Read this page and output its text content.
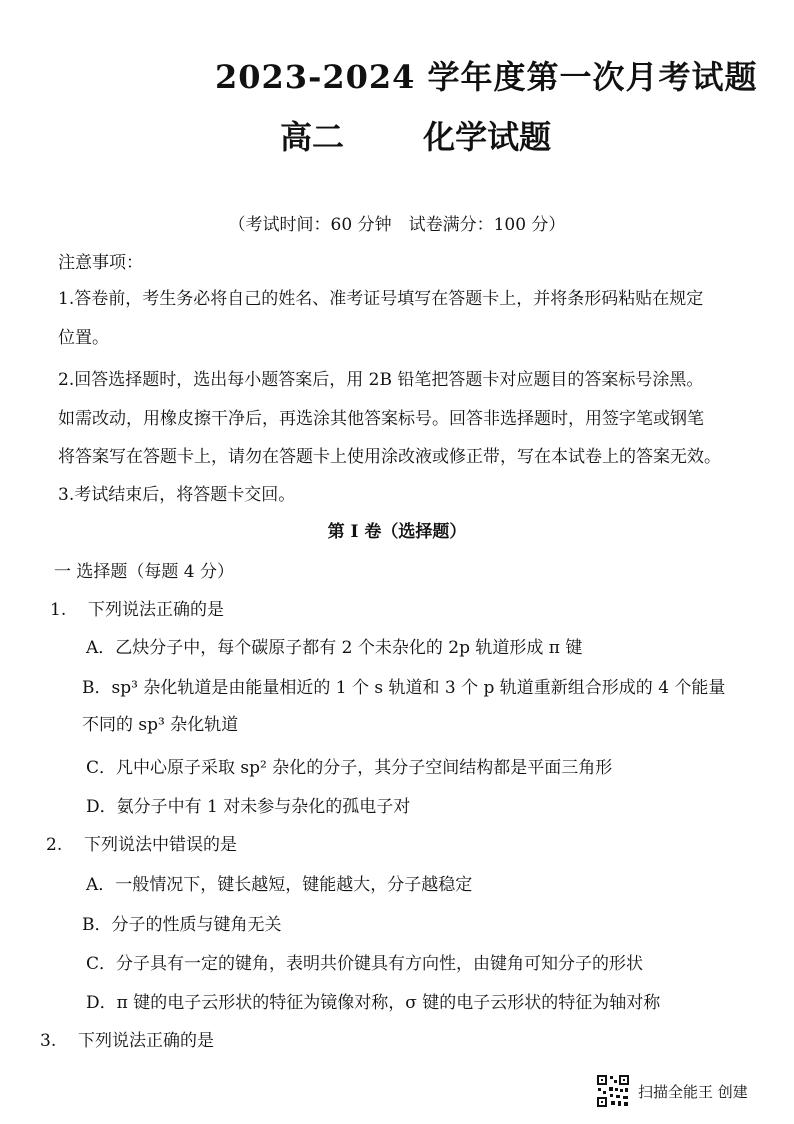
2023-2024 学年度第一次月考试题
高二 化学试题
（考试时间：60 分钟　试卷满分：100 分）
注意事项：
1.答卷前，考生务必将自己的姓名、准考证号填写在答题卡上，并将条形码粘贴在规定
位置。
2.回答选择题时，选出每小题答案后，用 2B 铅笔把答题卡对应题目的答案标号涂黑。
如需改动，用橡皮擦干净后，再选涂其他答案标号。回答非选择题时，用签字笔或钢笔
将答案写在答题卡上，请勿在答题卡上使用涂改液或修正带，写在本试卷上的答案无效。
3.考试结束后，将答题卡交回。
第 I 卷（选择题）
一 选择题（每题 4 分）
1. 下列说法正确的是
A．乙炔分子中，每个碳原子都有 2 个未杂化的 2p 轨道形成 π 键
B．sp³ 杂化轨道是由能量相近的 1 个 s 轨道和 3 个 p 轨道重新组合形成的 4 个能量
不同的 sp³ 杂化轨道
C．凡中心原子采取 sp² 杂化的分子，其分子空间结构都是平面三角形
D．氨分子中有 1 对未参与杂化的孤电子对
2. 下列说法中错误的是
A．一般情况下，键长越短，键能越大，分子越稳定
B．分子的性质与键角无关
C．分子具有一定的键角，表明共价键具有方向性，由键角可知分子的形状
D．π 键的电子云形状的特征为镜像对称，σ 键的电子云形状的特征为轴对称
3. 下列说法正确的是
扫描全能王 创建
